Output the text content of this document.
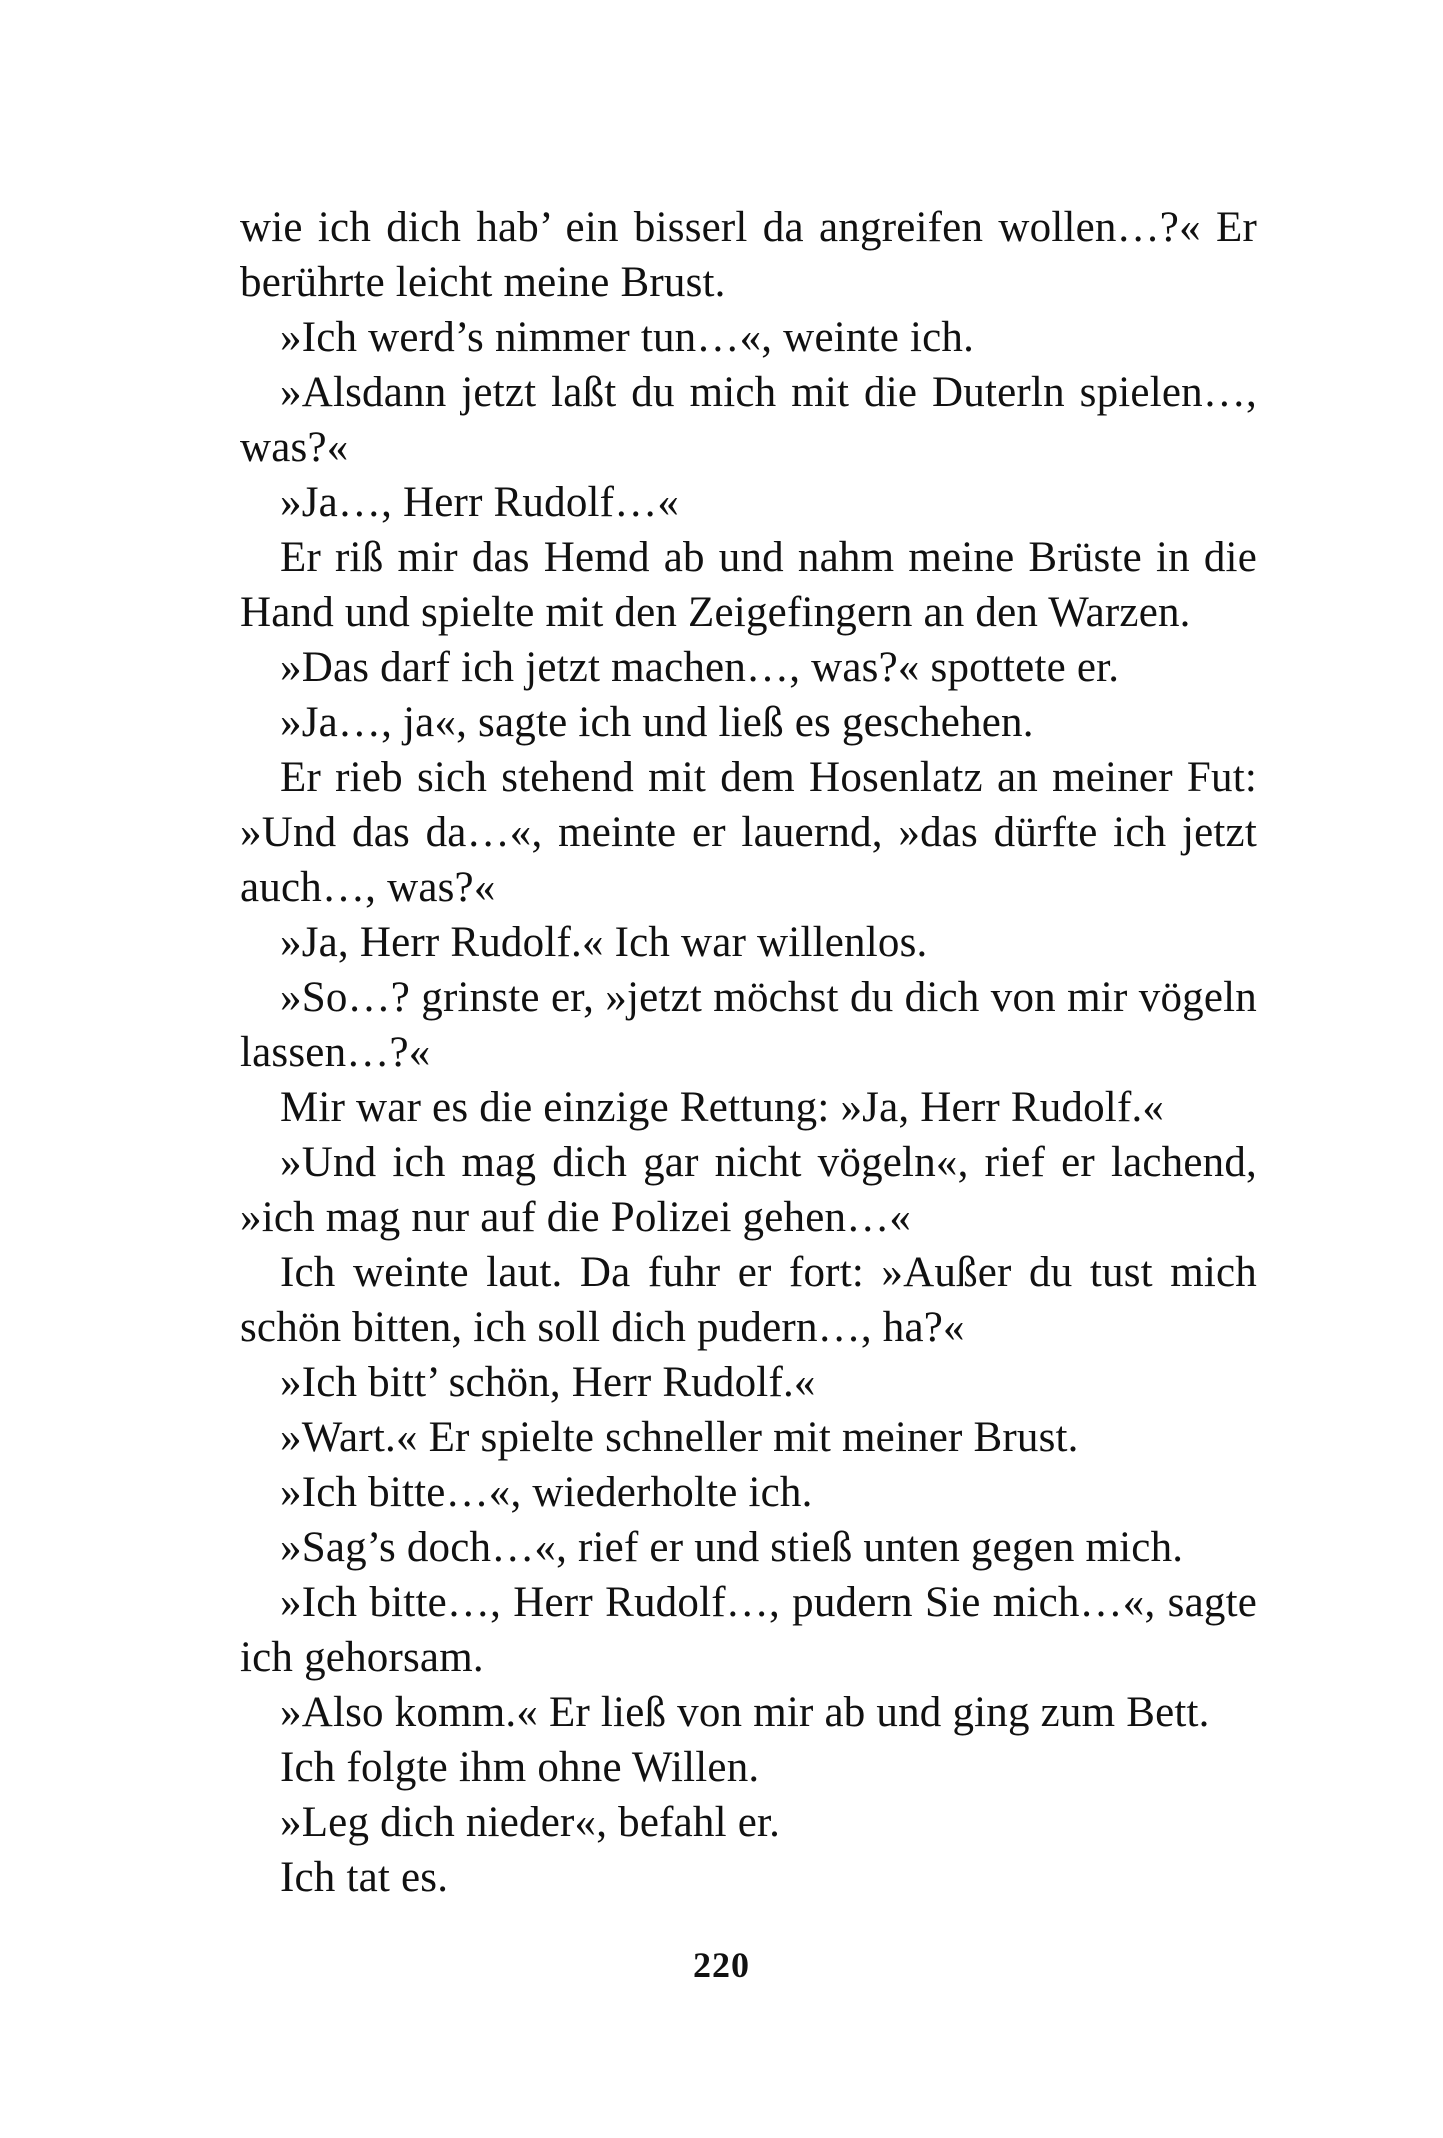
wie ich dich hab’ ein bisserl da angreifen wollen…?« Er berührte leicht meine Brust.

»Ich werd’s nimmer tun…«, weinte ich.

»Alsdann jetzt laßt du mich mit die Duterln spielen…, was?«

»Ja…, Herr Rudolf…«

Er riß mir das Hemd ab und nahm meine Brüste in die Hand und spielte mit den Zeigefingern an den Warzen.

»Das darf ich jetzt machen…, was?« spottete er.

»Ja…, ja«, sagte ich und ließ es geschehen.

Er rieb sich stehend mit dem Hosenlatz an meiner Fut: »Und das da…«, meinte er lauernd, »das dürfte ich jetzt auch…, was?«

»Ja, Herr Rudolf.« Ich war willenlos.

»So…? grinste er, »jetzt möchst du dich von mir vögeln lassen…?«

Mir war es die einzige Rettung: »Ja, Herr Rudolf.«

»Und ich mag dich gar nicht vögeln«, rief er lachend, »ich mag nur auf die Polizei gehen…«

Ich weinte laut. Da fuhr er fort: »Außer du tust mich schön bitten, ich soll dich pudern…, ha?«

»Ich bitt’ schön, Herr Rudolf.«

»Wart.« Er spielte schneller mit meiner Brust.

»Ich bitte…«, wiederholte ich.

»Sag’s doch…«, rief er und stieß unten gegen mich.

»Ich bitte…, Herr Rudolf…, pudern Sie mich…«, sagte ich gehorsam.

»Also komm.« Er ließ von mir ab und ging zum Bett.

Ich folgte ihm ohne Willen.

»Leg dich nieder«, befahl er.

Ich tat es.

220
